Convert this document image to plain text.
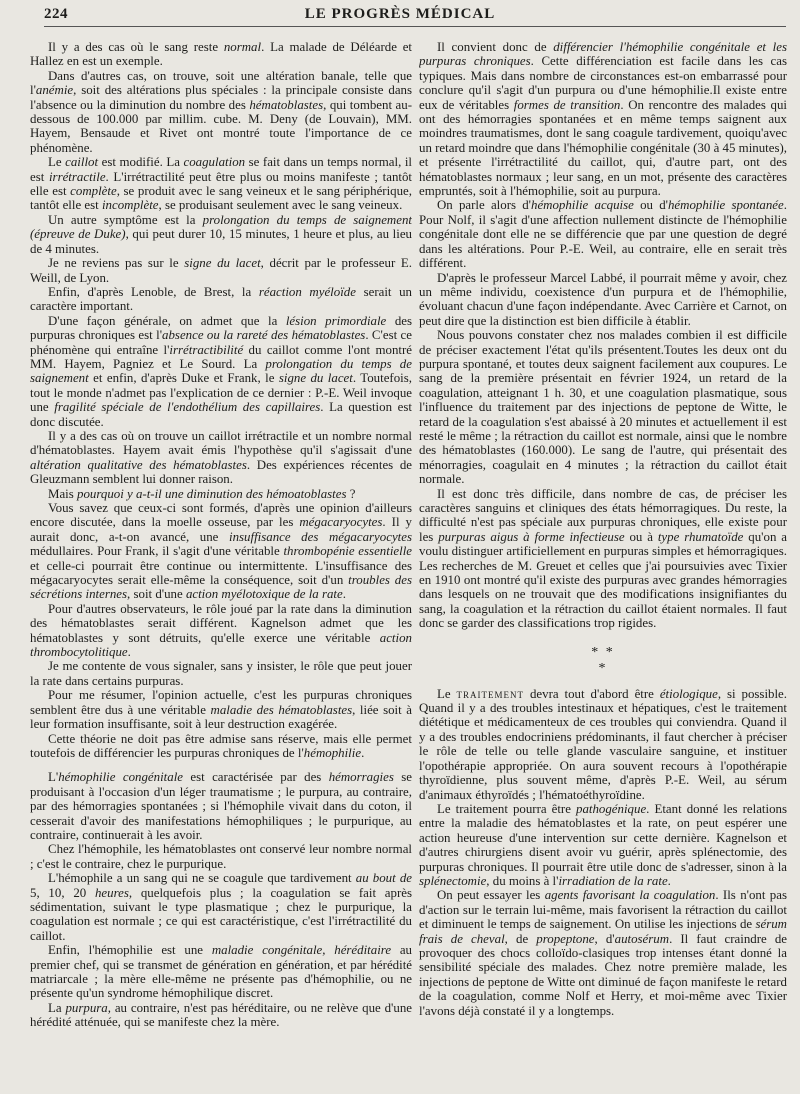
224	LE PROGRÈS MÉDICAL

Il y a des cas où le sang reste normal. La malade de Déléarde et Hallez en est un exemple.

Dans d'autres cas, on trouve, soit une altération banale, telle que l'anémie, soit des altérations plus spéciales : la principale consiste dans l'absence ou la diminution du nombre des hématoblastes, qui tombent au-dessous de 100.000 par millim. cube. M. Deny (de Louvain), MM. Hayem, Bensaude et Rivet ont montré toute l'importance de ce phénomène.

Le caillot est modifié. La coagulation se fait dans un temps normal, il est irrétractile. L'irrétractilité peut être plus ou moins manifeste ; tantôt elle est complète, se produit avec le sang veineux et le sang périphérique, tantôt elle est incomplète, se produisant seulement avec le sang veineux.

Un autre symptôme est la prolongation du temps de saignement (épreuve de Duke), qui peut durer 10, 15 minutes, 1 heure et plus, au lieu de 4 minutes.

Je ne reviens pas sur le signe du lacet, décrit par le professeur E. Weill, de Lyon.

Enfin, d'après Lenoble, de Brest, la réaction myéloïde serait un caractère important.

D'une façon générale, on admet que la lésion primordiale des purpuras chroniques est l'absence ou la rareté des hématoblastes. C'est ce phénomène qui entraîne l'irrétractibilité du caillot comme l'ont montré MM. Hayem, Pagniez et Le Sourd. La prolongation du temps de saignement et enfin, d'après Duke et Frank, le signe du lacet. Toutefois, tout le monde n'admet pas l'explication de ce dernier : P.-E. Weil invoque une fragilité spéciale de l'endothélium des capillaires. La question est donc discutée.

Il y a des cas où on trouve un caillot irrétractile et un nombre normal d'hématoblastes. Hayem avait émis l'hypothèse qu'il s'agissait d'une altération qualitative des hématoblastes. Des expériences récentes de Gleuzmann semblent lui donner raison.

Mais pourquoi y a-t-il une diminution des hémoatoblastes ?

Vous savez que ceux-ci sont formés, d'après une opinion d'ailleurs encore discutée, dans la moelle osseuse, par les mégacaryocytes. Il y aurait donc, a-t-on avancé, une insuffisance des mégacaryocytes médullaires. Pour Frank, il s'agit d'une véritable thrombopénie essentielle et celle-ci pourrait être continue ou intermittente. L'insuffisance des mégacaryocytes serait elle-même la conséquence, soit d'un troubles des sécrétions internes, soit d'une action myélotoxique de la rate.

Pour d'autres observateurs, le rôle joué par la rate dans la diminution des hématoblastes serait différent. Kagnelson admet que les hématoblastes y sont détruits, qu'elle exerce une véritable action thrombocytolitique.

Je me contente de vous signaler, sans y insister, le rôle que peut jouer la rate dans certains purpuras.

Pour me résumer, l'opinion actuelle, c'est les purpuras chroniques semblent être dus à une véritable maladie des hématoblastes, liée soit à leur formation insuffisante, soit à leur destruction exagérée.

Cette théorie ne doit pas être admise sans réserve, mais elle permet toutefois de différencier les purpuras chroniques de l'hémophilie.

L'hémophilie congénitale est caractérisée par des hémorragies se produisant à l'occasion d'un léger traumatisme ; le purpura, au contraire, par des hémorragies spontanées ; si l'hémophile vivait dans du coton, il cesserait d'avoir des manifestations hémophiliques ; le purpurique, au contraire, continuerait à les avoir.

Chez l'hémophile, les hématoblastes ont conservé leur nombre normal ; c'est le contraire, chez le purpurique.

L'hémophile a un sang qui ne se coagule que tardivement au bout de 5, 10, 20 heures, quelquefois plus ; la coagulation se fait après sédimentation, suivant le type plasmatique ; chez le purpurique, la coagulation est normale ; ce qui est caractéristique, c'est l'irrétractilité du caillot.

Enfin, l'hémophilie est une maladie congénitale, héréditaire au premier chef, qui se transmet de génération en génération, et par hérédité matriarcale ; la mère elle-même ne présente pas d'hémophilie, ou ne présente qu'un syndrome hémophilique discret.

La purpura, au contraire, n'est pas héréditaire, ou ne relève que d'une hérédité atténuée, qui se manifeste chez la mère.

Il convient donc de différencier l'hémophilie congénitale et les purpuras chroniques. Cette différenciation est facile dans les cas typiques. Mais dans nombre de circonstances est-on embarrassé pour conclure qu'il s'agit d'un purpura ou d'une hémophilie.Il existe entre eux de véritables formes de transition. On rencontre des malades qui ont des hémorragies spontanées et en même temps saignent aux moindres traumatismes, dont le sang coagule tardivement, quoiqu'avec un retard moindre que dans l'hémophilie congénitale (30 à 45 minutes), et présente l'irrétractilité du caillot, qui, d'autre part, ont des hématoblastes normaux ; leur sang, en un mot, présente des caractères empruntés, soit à l'hémophilie, soit au purpura.

On parle alors d'hémophilie acquise ou d'hémophilie spontanée. Pour Nolf, il s'agit d'une affection nullement distincte de l'hémophilie congénitale dont elle ne se différencie que par une question de degré dans les altérations. Pour P.-E. Weil, au contraire, elle en serait très différent.

D'après le professeur Marcel Labbé, il pourrait même y avoir, chez un même individu, coexistence d'un purpura et de l'hémophilie, évoluant chacun d'une façon indépendante. Avec Carrière et Carnot, on peut dire que la distinction est bien difficile à établir.

Nous pouvons constater chez nos malades combien il est difficile de préciser exactement l'état qu'ils présentent.Toutes les deux ont du purpura spontané, et toutes deux saignent facilement aux coupures. Le sang de la première présentait en février 1924, un retard de la coagulation, atteignant 1 h. 30, et une coagulation plasmatique, sous l'influence du traitement par des injections de peptone de Witte, le retard de la coagulation s'est abaissé à 20 minutes et actuellement il est resté le même ; la rétraction du caillot est normale, ainsi que le nombre des hématoblastes (160.000). Le sang de l'autre, qui présentait des ménorragies, coagulait en 4 minutes ; la rétraction du caillot était normale.

Il est donc très difficile, dans nombre de cas, de préciser les caractères sanguins et cliniques des états hémorragiques. Du reste, la difficulté n'est pas spéciale aux purpuras chroniques, elle existe pour les purpuras aigus à forme infectieuse ou à type rhumatoïde qu'on a voulu distinguer artificiellement en purpuras simples et hémorragiques. Les recherches de M. Greuet et celles que j'ai poursuivies avec Tixier en 1910 ont montré qu'il existe des purpuras avec grandes hémorragies dans lesquels on ne trouvait que des modifications insignifiantes du sang, la coagulation et la rétraction du caillot étaient normales. Il faut donc se garder des classifications trop rigides.

* *
*

Le traitement devra tout d'abord être étiologique, si possible. Quand il y a des troubles intestinaux et hépatiques, c'est le traitement diététique et médicamenteux de ces troubles qui conviendra. Quand il y a des troubles endocriniens prédominants, il faut chercher à préciser le rôle de telle ou telle glande vasculaire sanguine, et instituer l'opothérapie appropriée. On aura souvent recours à l'opothérapie thyroïdienne, plus souvent même, d'après P.-E. Weil, au sérum d'animaux éthyroïdés ; l'hématoéthyroïdine.

Le traitement pourra être pathogénique. Etant donné les relations entre la maladie des hématoblastes et la rate, on peut espérer une action heureuse d'une intervention sur cette dernière. Kagnelson et d'autres chirurgiens disent avoir vu guérir, après splénectomie, des purpuras chroniques. Il pourrait être utile donc de s'adresser, sinon à la splénectomie, du moins à l'irradiation de la rate.

On peut essayer les agents favorisant la coagulation. Ils n'ont pas d'action sur le terrain lui-même, mais favorisent la rétraction du caillot et diminuent le temps de saignement. On utilise les injections de sérum frais de cheval, de propeptone, d'autosérum. Il faut craindre de provoquer des chocs colloïdo-clasiques trop intenses étant donné la sensibilité spéciale des malades. Chez notre première malade, les injections de peptone de Witte ont diminué de façon manifeste le retard de la coagulation, comme Nolf et Herry, et moi-même avec Tixier l'avons déjà constaté il y a longtemps.
